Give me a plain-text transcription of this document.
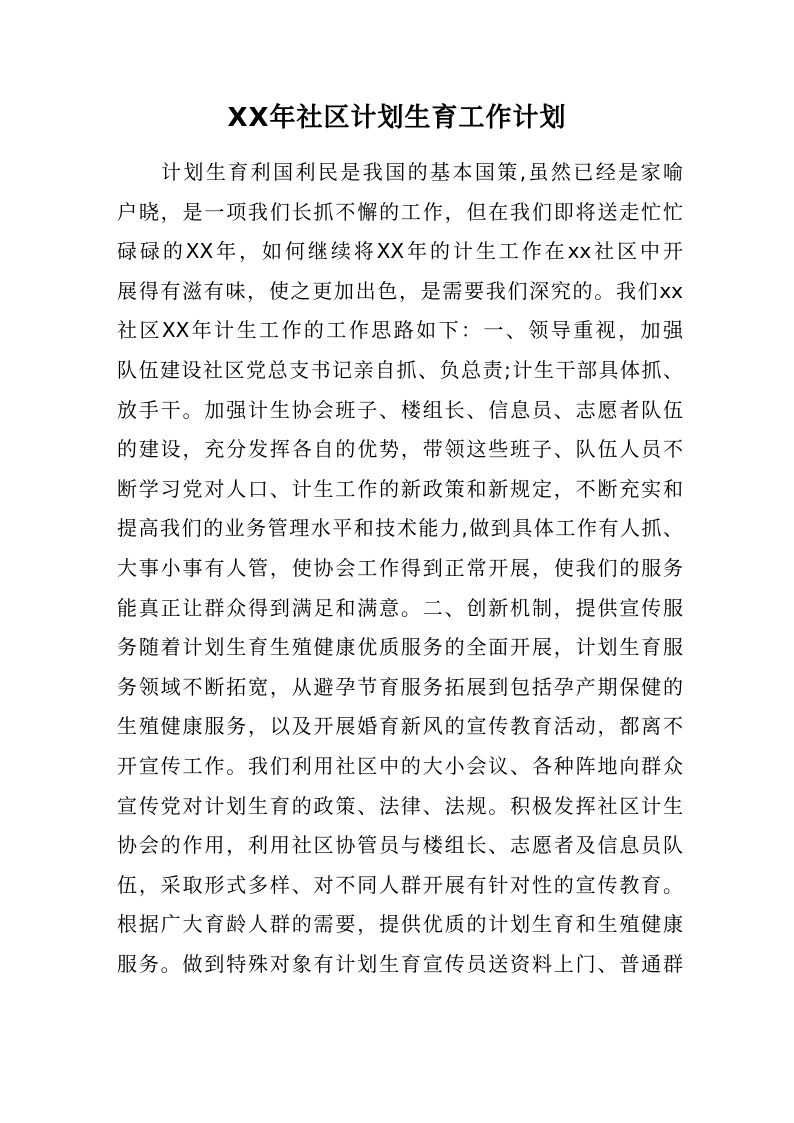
XX年社区计划生育工作计划
计划生育利国利民是我国的基本国策,虽然已经是家喻
户晓，是一项我们长抓不懈的工作，但在我们即将送走忙忙
碌碌的XX年，如何继续将XX年的计生工作在xx社区中开
展得有滋有味，使之更加出色，是需要我们深究的。我们xx
社区XX年计生工作的工作思路如下：一、领导重视，加强
队伍建设社区党总支书记亲自抓、负总责;计生干部具体抓、
放手干。加强计生协会班子、楼组长、信息员、志愿者队伍
的建设，充分发挥各自的优势，带领这些班子、队伍人员不
断学习党对人口、计生工作的新政策和新规定，不断充实和
提高我们的业务管理水平和技术能力,做到具体工作有人抓、
大事小事有人管，使协会工作得到正常开展，使我们的服务
能真正让群众得到满足和满意。二、创新机制，提供宣传服
务随着计划生育生殖健康优质服务的全面开展，计划生育服
务领域不断拓宽，从避孕节育服务拓展到包括孕产期保健的
生殖健康服务，以及开展婚育新风的宣传教育活动，都离不
开宣传工作。我们利用社区中的大小会议、各种阵地向群众
宣传党对计划生育的政策、法律、法规。积极发挥社区计生
协会的作用，利用社区协管员与楼组长、志愿者及信息员队
伍，采取形式多样、对不同人群开展有针对性的宣传教育。
根据广大育龄人群的需要，提供优质的计划生育和生殖健康
服务。做到特殊对象有计划生育宣传员送资料上门、普通群
